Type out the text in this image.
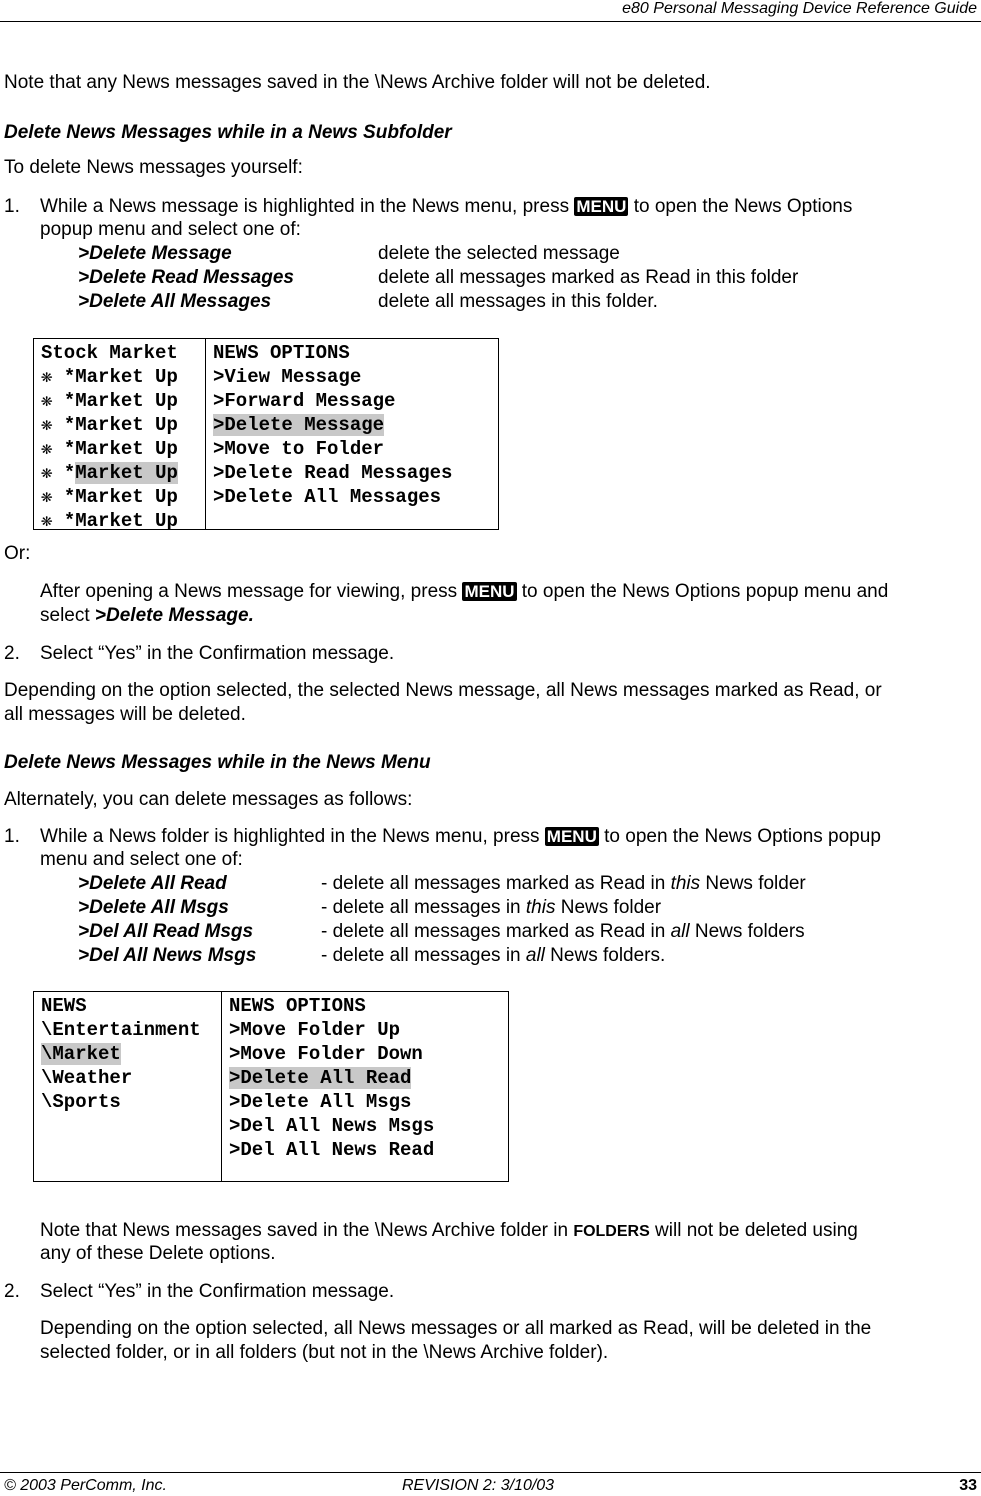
e80 Personal Messaging Device Reference Guide
Note that any News messages saved in the \News Archive folder will not be deleted.
Delete News Messages while in a News Subfolder
To delete News messages yourself:
1. While a News message is highlighted in the News menu, press MENU to open the News Options
popup menu and select one of:
>Delete Message	delete the selected message
>Delete Read Messages	delete all messages marked as Read in this folder
>Delete All Messages	delete all messages in this folder.
Stock Market
❋ *Market Up
❋ *Market Up
❋ *Market Up
❋ *Market Up
❋ *Market Up
❋ *Market Up
❋ *Market Up
NEWS OPTIONS
>View Message
>Forward Message
>Delete Message
>Move to Folder
>Delete Read Messages
>Delete All Messages
Or:
After opening a News message for viewing, press MENU to open the News Options popup menu and
select >Delete Message.
2. Select “Yes” in the Confirmation message.
Depending on the option selected, the selected News message, all News messages marked as Read, or
all messages will be deleted.
Delete News Messages while in the News Menu
Alternately, you can delete messages as follows:
1. While a News folder is highlighted in the News menu, press MENU to open the News Options popup
menu and select one of:
>Delete All Read	- delete all messages marked as Read in this News folder
>Delete All Msgs	- delete all messages in this News folder
>Del All Read Msgs	- delete all messages marked as Read in all News folders
>Del All News Msgs	- delete all messages in all News folders.
NEWS
\Entertainment
\Market
\Weather
\Sports
NEWS OPTIONS
>Move Folder Up
>Move Folder Down
>Delete All Read
>Delete All Msgs
>Del All News Msgs
>Del All News Read
Note that News messages saved in the \News Archive folder in FOLDERS will not be deleted using
any of these Delete options.
2. Select “Yes” in the Confirmation message.
Depending on the option selected, all News messages or all marked as Read, will be deleted in the
selected folder, or in all folders (but not in the \News Archive folder).
© 2003 PerComm, Inc.	REVISION 2: 3/10/03	33
